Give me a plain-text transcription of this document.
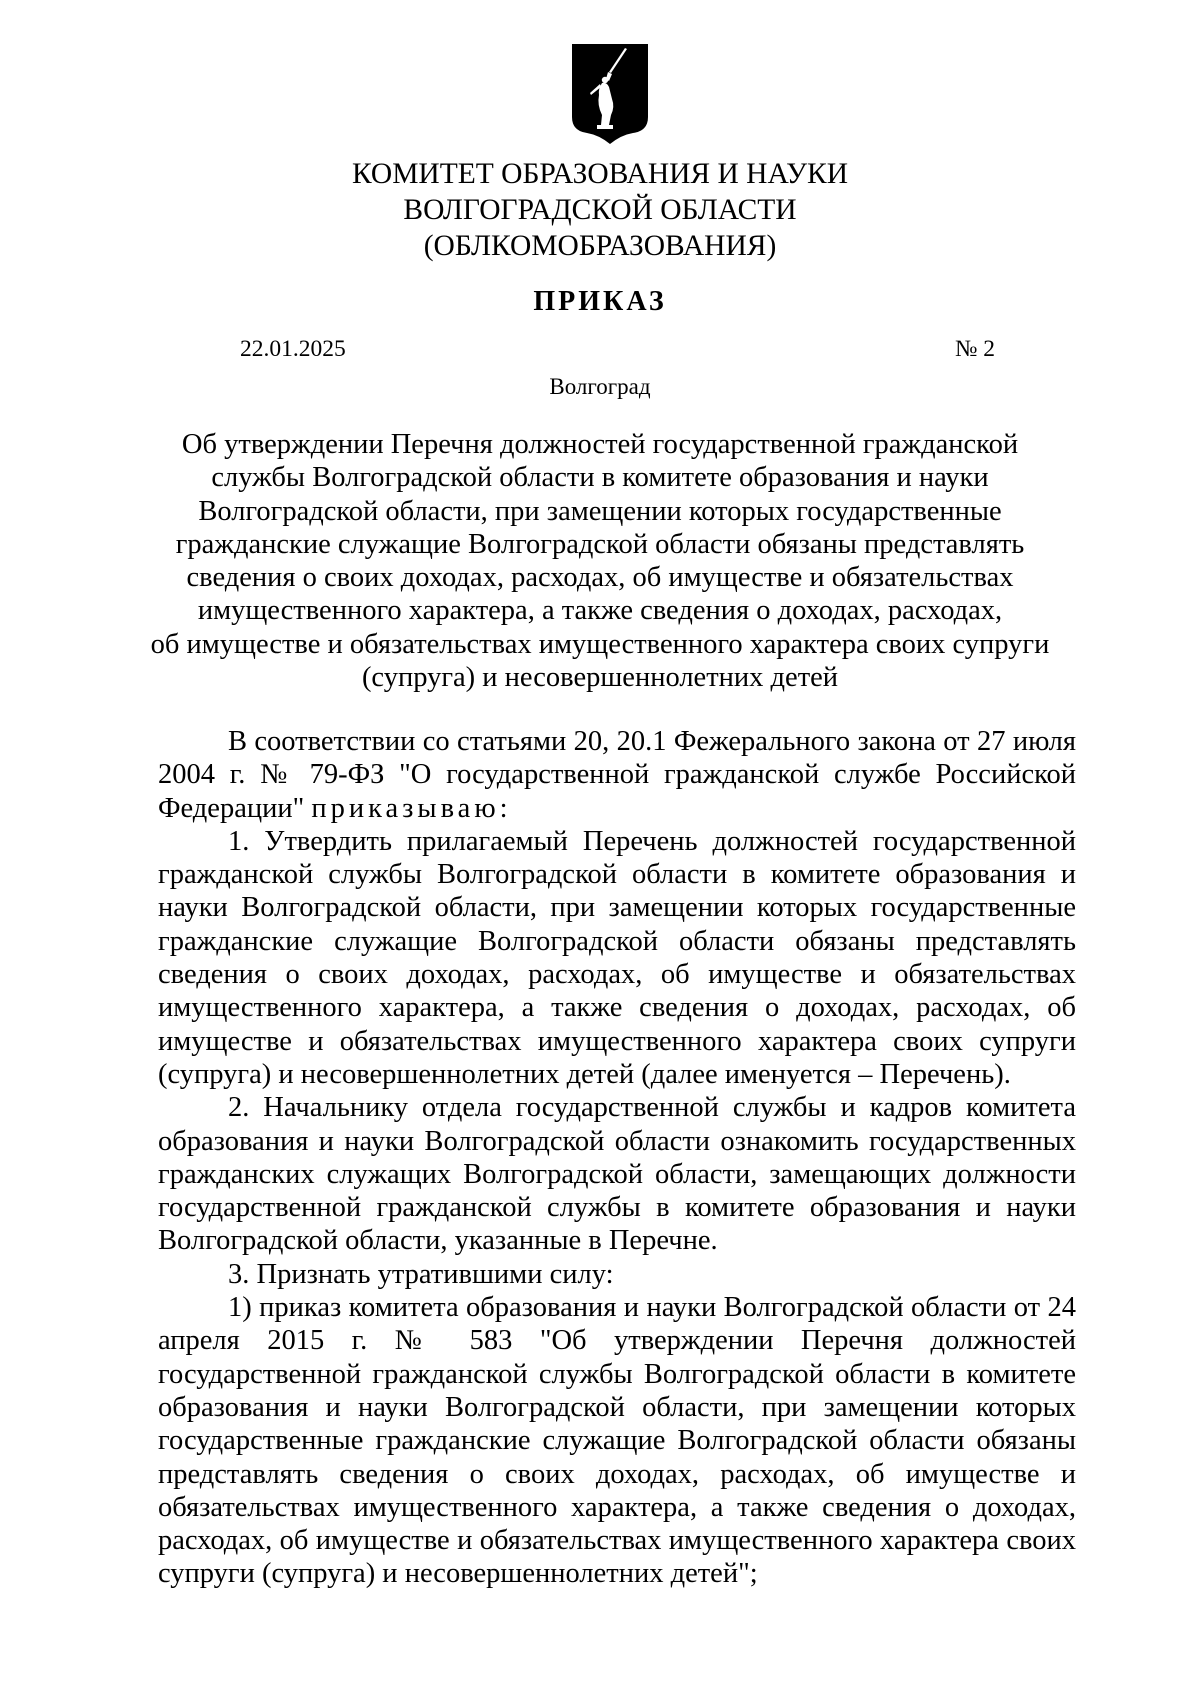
КОМИТЕТ ОБРАЗОВАНИЯ И НАУКИ
ВОЛГОГРАДСКОЙ ОБЛАСТИ
(ОБЛКОМОБРАЗОВАНИЯ)
ПРИКАЗ
22.01.2025	№ 2
Волгоград
Об утверждении Перечня должностей государственной гражданской
службы Волгоградской области в комитете образования и науки
Волгоградской области, при замещении которых государственные
гражданские служащие Волгоградской области обязаны представлять
сведения о своих доходах, расходах, об имуществе и обязательствах
имущественного характера, а также сведения о доходах, расходах,
об имуществе и обязательствах имущественного характера своих супруги
(супруга) и несовершеннолетних детей

В соответствии со статьями 20, 20.1 Фежерального закона от 27 июля 2004 г. № 79-ФЗ "О государственной гражданской службе Российской Федерации" приказываю:

1. Утвердить прилагаемый Перечень должностей государственной гражданской службы Волгоградской области в комитете образования и науки Волгоградской области, при замещении которых государственные гражданские служащие Волгоградской области обязаны представлять сведения о своих доходах, расходах, об имуществе и обязательствах имущественного характера, а также сведения о доходах, расходах, об имуществе и обязательствах имущественного характера своих супруги (супруга) и несовершеннолетних детей (далее именуется – Перечень).

2. Начальнику отдела государственной службы и кадров комитета образования и науки Волгоградской области ознакомить государственных гражданских служащих Волгоградской области, замещающих должности государственной гражданской службы в комитете образования и науки Волгоградской области, указанные в Перечне.

3. Признать утратившими силу:

1) приказ комитета образования и науки Волгоградской области от 24 апреля 2015 г. № 583 "Об утверждении Перечня должностей государственной гражданской службы Волгоградской области в комитете образования и науки Волгоградской области, при замещении которых государственные гражданские служащие Волгоградской области обязаны представлять сведения о своих доходах, расходах, об имуществе и обязательствах имущественного характера, а также сведения о доходах, расходах, об имуществе и обязательствах имущественного характера своих супруги (супруга) и несовершеннолетних детей";
